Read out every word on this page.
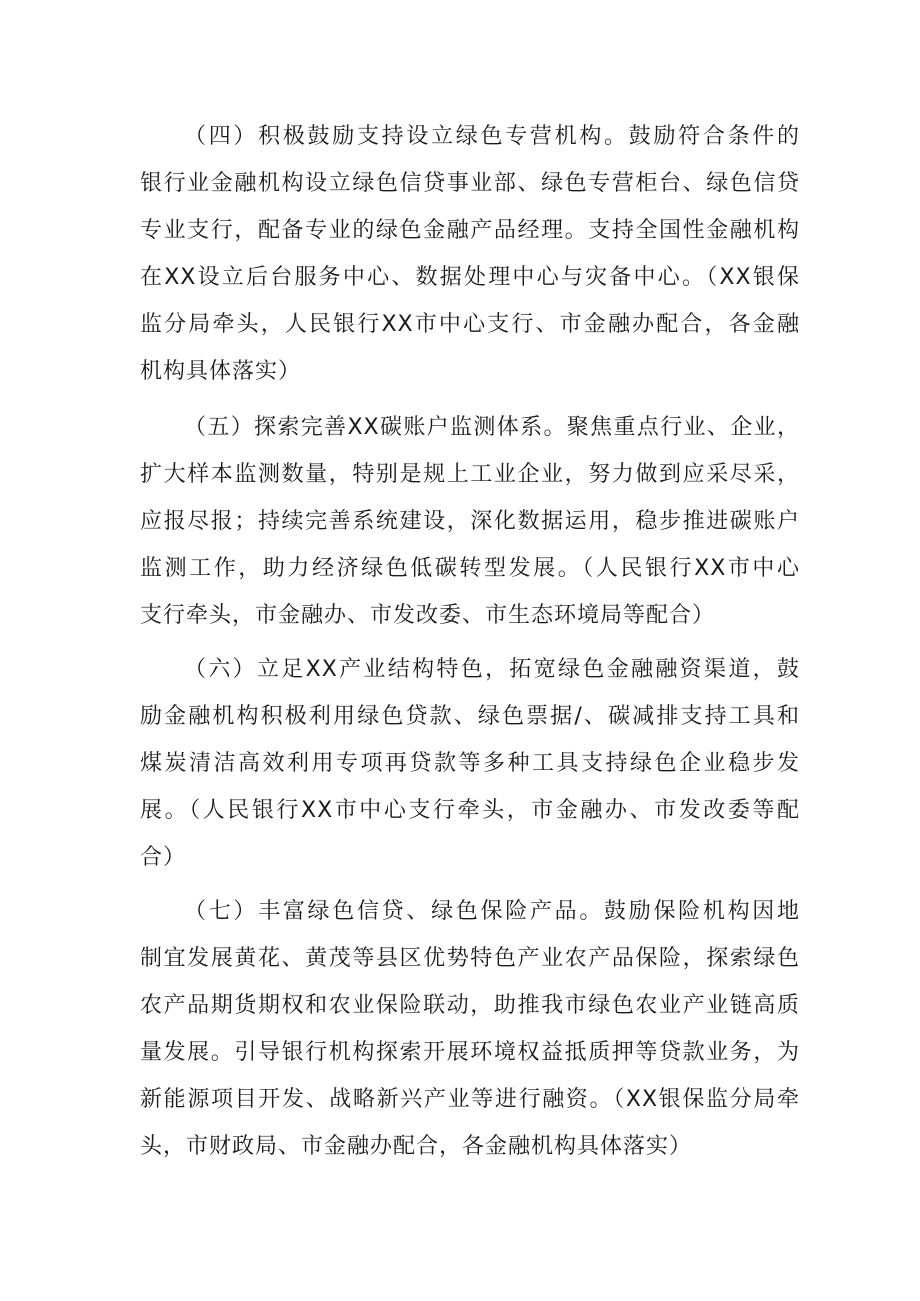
（四）积极鼓励支持设立绿色专营机构。鼓励符合条件的
银行业金融机构设立绿色信贷事业部、绿色专营柜台、绿色信贷
专业支行，配备专业的绿色金融产品经理。支持全国性金融机构
在XX设立后台服务中心、数据处理中心与灾备中心。（XX银保
监分局牵头，人民银行XX市中心支行、市金融办配合，各金融
机构具体落实）
（五）探索完善XX碳账户监测体系。聚焦重点行业、企业，
扩大样本监测数量，特别是规上工业企业，努力做到应采尽采，
应报尽报；持续完善系统建设，深化数据运用，稳步推进碳账户
监测工作，助力经济绿色低碳转型发展。（人民银行XX市中心
支行牵头，市金融办、市发改委、市生态环境局等配合）
（六）立足XX产业结构特色，拓宽绿色金融融资渠道，鼓
励金融机构积极利用绿色贷款、绿色票据/、碳减排支持工具和
煤炭清洁高效利用专项再贷款等多种工具支持绿色企业稳步发
展。（人民银行XX市中心支行牵头，市金融办、市发改委等配
合）
（七）丰富绿色信贷、绿色保险产品。鼓励保险机构因地
制宜发展黄花、黄茂等县区优势特色产业农产品保险，探索绿色
农产品期货期权和农业保险联动，助推我市绿色农业产业链高质
量发展。引导银行机构探索开展环境权益抵质押等贷款业务，为
新能源项目开发、战略新兴产业等进行融资。（XX银保监分局牵
头，市财政局、市金融办配合，各金融机构具体落实）
